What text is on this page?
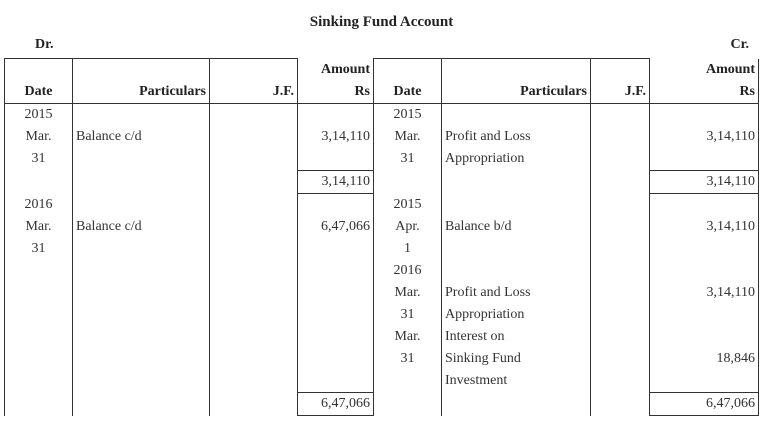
Sinking Fund Account
Dr.	Cr.
			Amount				Amount
Date	Particulars	J.F.	Rs	Date	Particulars	J.F.	Rs
2015				2015			
Mar.	Balance c/d		3,14,110	Mar.	Profit and Loss		3,14,110
31				31	Appropriation		
			3,14,110				3,14,110
2016				2015			
Mar.	Balance c/d		6,47,066	Apr.	Balance b/d		3,14,110
31				1			
				2016			
				Mar.	Profit and Loss		3,14,110
				31	Appropriation		
				Mar.	Interest on		
				31	Sinking Fund		18,846
					Investment		
			6,47,066				6,47,066
